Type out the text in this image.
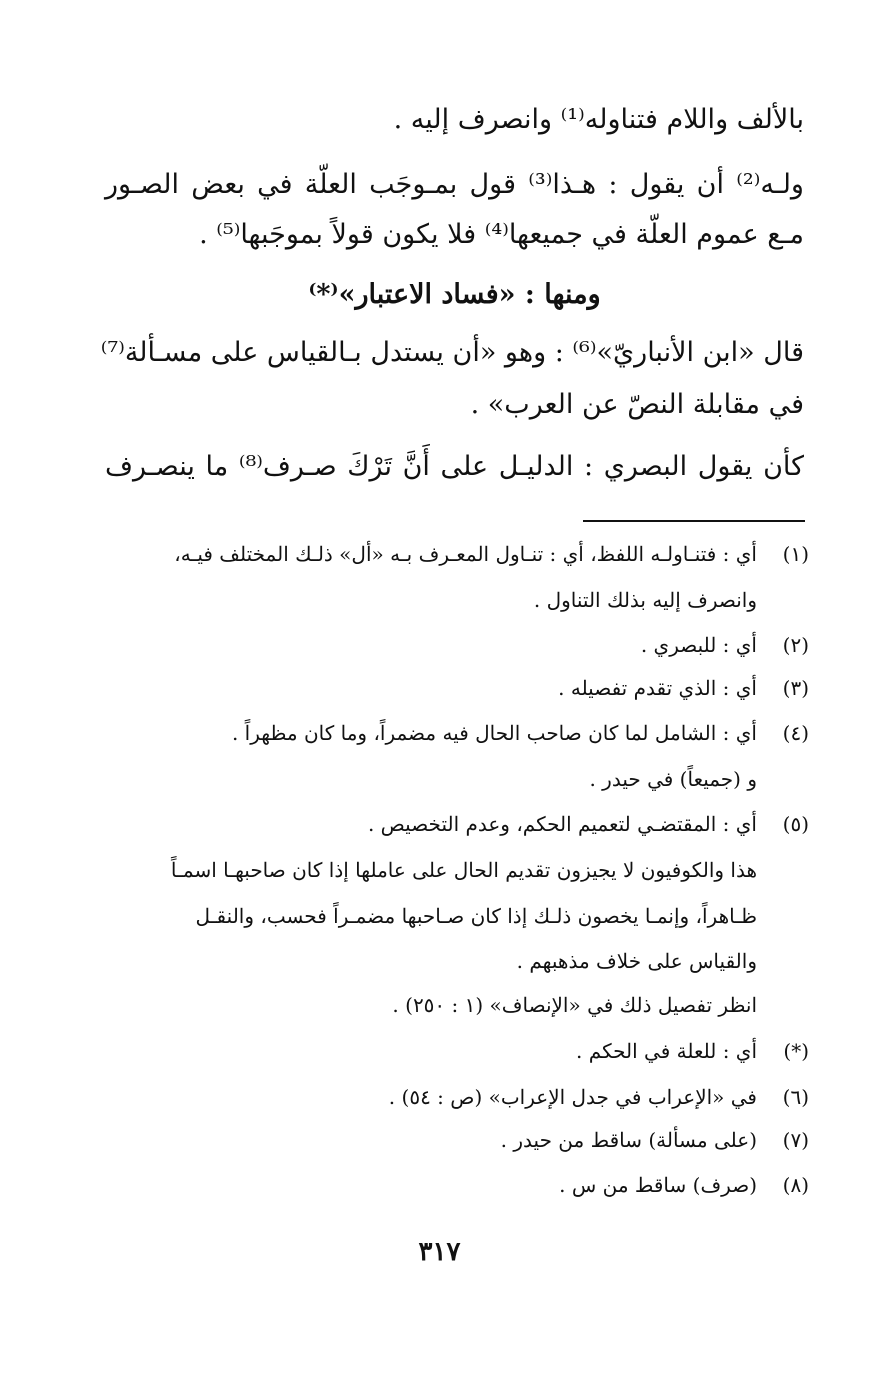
بالألف واللام فتناوله⁽¹⁾ وانصرف إليه .
ولـه⁽²⁾ أن يقول : هـذا⁽³⁾ قول بمـوجَب العلّة في بعض الصـور
مـع عموم العلّة في جميعها⁽⁴⁾ فلا يكون قولاً بموجَبها⁽⁵⁾ .
ومنها : «فساد الاعتبار»⁽*⁾
قال «ابن الأنباريّ»⁽⁶⁾ : وهو «أن يستدل بـالقياس على مسـألة⁽⁷⁾
في مقابلة النصّ عن العرب» .
كأن يقول البصري : الدليـل على أَنَّ تَرْكَ صـرف⁽⁸⁾ ما ينصـرف
(١)
أي : فتنـاولـه اللفظ، أي : تنـاول المعـرف بـه «أل» ذلـك المختلف فيـه،
وانصرف إليه بذلك التناول .
(٢)
أي : للبصري .
(٣)
أي : الذي تقدم تفصيله .
(٤)
أي : الشامل لما كان صاحب الحال فيه مضمراً، وما كان مظهراً .
و (جميعاً) في حيدر .
(٥)
أي : المقتضـي لتعميم الحكم، وعدم التخصيص .
هذا والكوفيون لا يجيزون تقديم الحال على عاملها إذا كان صاحبهـا اسمـاً
ظـاهراً، وإنمـا يخصون ذلـك إذا كان صـاحبها مضمـراً فحسب، والنقـل
والقياس على خلاف مذهبهم .
انظر تفصيل ذلك في «الإنصاف» (١ : ٢٥٠) .
(*)
أي : للعلة في الحكم .
(٦)
في «الإعراب في جدل الإعراب» (ص : ٥٤) .
(٧)
(على مسألة) ساقط من حيدر .
(٨)
(صرف) ساقط من س .
٣١٧
